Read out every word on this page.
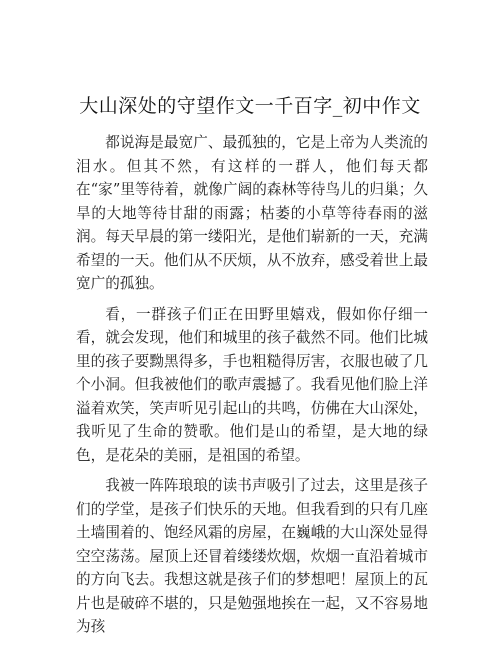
大山深处的守望作文一千百字_初中作文

都说海是最宽广、最孤独的，它是上帝为人类流的泪水。但其不然，有这样的一群人，他们每天都在“家”里等待着，就像广阔的森林等待鸟儿的归巢；久旱的大地等待甘甜的雨露；枯萎的小草等待春雨的滋润。每天早晨的第一缕阳光，是他们崭新的一天，充满希望的一天。他们从不厌烦，从不放弃，感受着世上最宽广的孤独。

看，一群孩子们正在田野里嬉戏，假如你仔细一看，就会发现，他们和城里的孩子截然不同。他们比城里的孩子要黝黑得多，手也粗糙得厉害，衣服也破了几个小洞。但我被他们的歌声震撼了。我看见他们脸上洋溢着欢笑，笑声听见引起山的共鸣，仿佛在大山深处，我听见了生命的赞歌。他们是山的希望，是大地的绿色，是花朵的美丽，是祖国的希望。

我被一阵阵琅琅的读书声吸引了过去，这里是孩子们的学堂，是孩子们快乐的天地。但我看到的只有几座土墙围着的、饱经风霜的房屋，在巍峨的大山深处显得空空荡荡。屋顶上还冒着缕缕炊烟，炊烟一直沿着城市的方向飞去。我想这就是孩子们的梦想吧！屋顶上的瓦片也是破碎不堪的，只是勉强地挨在一起，又不容易地为孩
